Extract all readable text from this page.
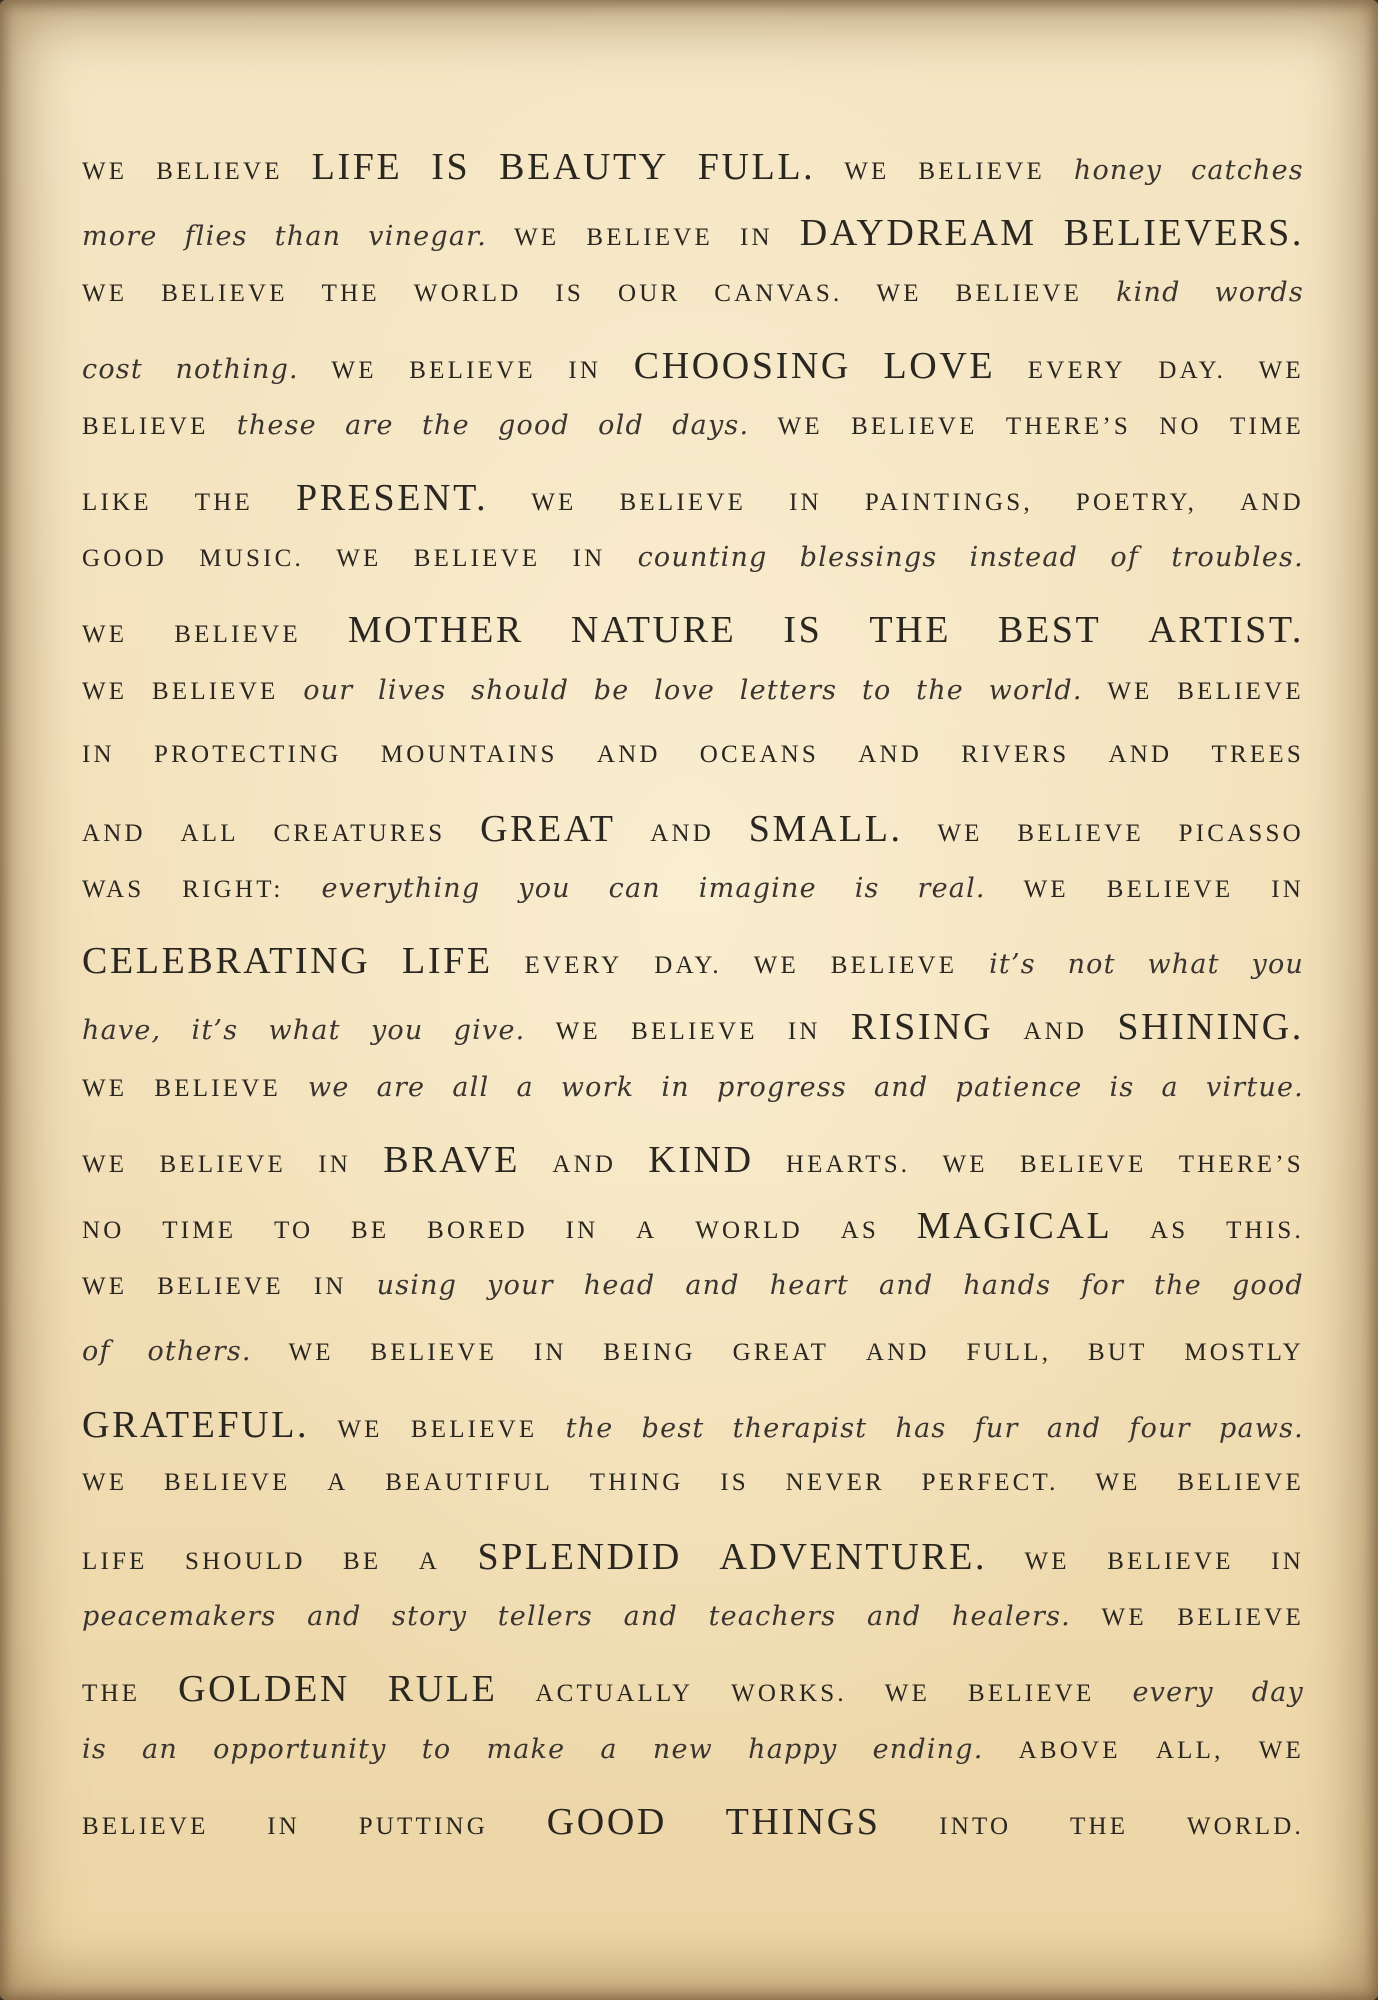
WE BELIEVE LIFE IS BEAUTY FULL. WE BELIEVE honey catches
more flies than vinegar. WE BELIEVE IN DAYDREAM BELIEVERS.
WE BELIEVE THE WORLD IS OUR CANVAS. WE BELIEVE kind words
cost nothing. WE BELIEVE IN CHOOSING LOVE EVERY DAY. WE
BELIEVE these are the good old days. WE BELIEVE THERE’S NO TIME
LIKE THE PRESENT. WE BELIEVE IN PAINTINGS, POETRY, AND
GOOD MUSIC. WE BELIEVE IN counting blessings instead of troubles.
WE BELIEVE MOTHER NATURE IS THE BEST ARTIST.
WE BELIEVE our lives should be love letters to the world. WE BELIEVE
IN PROTECTING MOUNTAINS AND OCEANS AND RIVERS AND TREES
AND ALL CREATURES GREAT AND SMALL. WE BELIEVE PICASSO
WAS RIGHT: everything you can imagine is real. WE BELIEVE IN
CELEBRATING LIFE EVERY DAY. WE BELIEVE it’s not what you
have, it’s what you give. WE BELIEVE IN RISING AND SHINING.
WE BELIEVE we are all a work in progress and patience is a virtue.
WE BELIEVE IN BRAVE AND KIND HEARTS. WE BELIEVE THERE’S
NO TIME TO BE BORED IN A WORLD AS MAGICAL AS THIS.
WE BELIEVE IN using your head and heart and hands for the good
of others. WE BELIEVE IN BEING GREAT AND FULL, BUT MOSTLY
GRATEFUL. WE BELIEVE the best therapist has fur and four paws.
WE BELIEVE A BEAUTIFUL THING IS NEVER PERFECT. WE BELIEVE
LIFE SHOULD BE A SPLENDID ADVENTURE. WE BELIEVE IN
peacemakers and story tellers and teachers and healers. WE BELIEVE
THE GOLDEN RULE ACTUALLY WORKS. WE BELIEVE every day
is an opportunity to make a new happy ending. ABOVE ALL, WE
BELIEVE IN PUTTING GOOD THINGS INTO THE WORLD.
